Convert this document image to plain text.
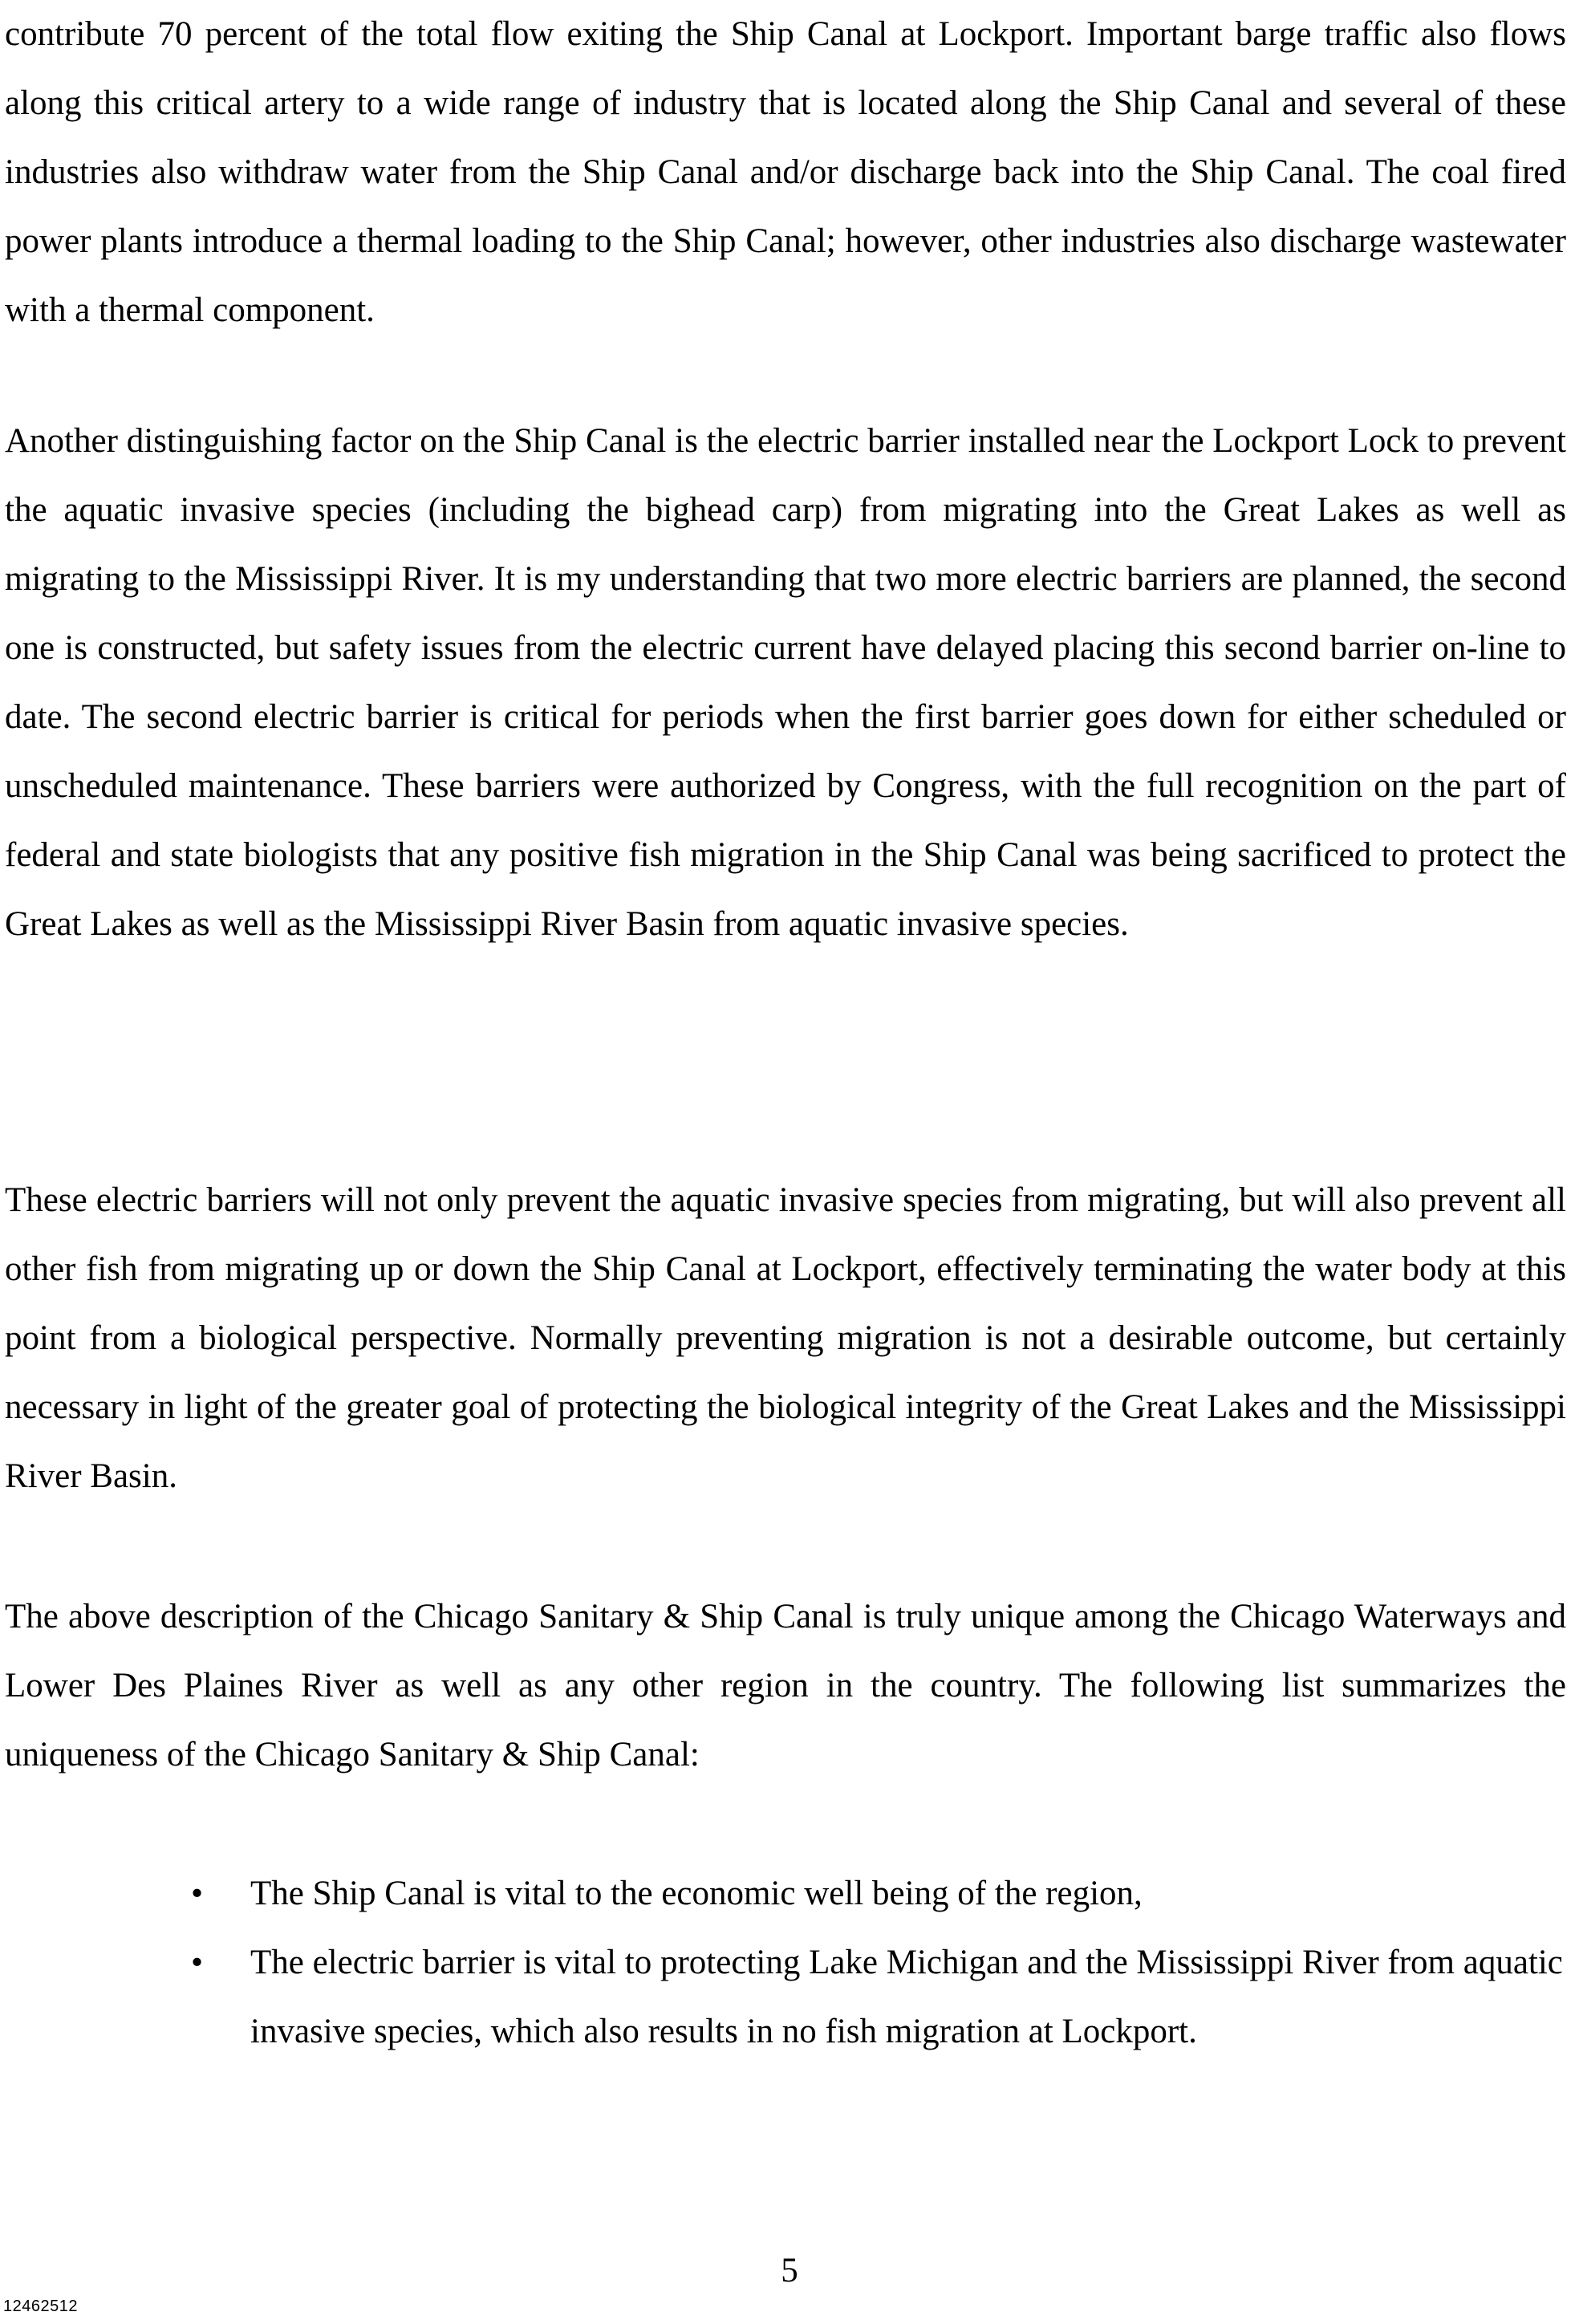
contribute 70 percent of the total flow exiting the Ship Canal at Lockport. Important barge traffic also flows along this critical artery to a wide range of industry that is located along the Ship Canal and several of these industries also withdraw water from the Ship Canal and/or discharge back into the Ship Canal. The coal fired power plants introduce a thermal loading to the Ship Canal; however, other industries also discharge wastewater with a thermal component.

Another distinguishing factor on the Ship Canal is the electric barrier installed near the Lockport Lock to prevent the aquatic invasive species (including the bighead carp) from migrating into the Great Lakes as well as migrating to the Mississippi River. It is my understanding that two more electric barriers are planned, the second one is constructed, but safety issues from the electric current have delayed placing this second barrier on-line to date. The second electric barrier is critical for periods when the first barrier goes down for either scheduled or unscheduled maintenance. These barriers were authorized by Congress, with the full recognition on the part of federal and state biologists that any positive fish migration in the Ship Canal was being sacrificed to protect the Great Lakes as well as the Mississippi River Basin from aquatic invasive species.

These electric barriers will not only prevent the aquatic invasive species from migrating, but will also prevent all other fish from migrating up or down the Ship Canal at Lockport, effectively terminating the water body at this point from a biological perspective. Normally preventing migration is not a desirable outcome, but certainly necessary in light of the greater goal of protecting the biological integrity of the Great Lakes and the Mississippi River Basin.

The above description of the Chicago Sanitary & Ship Canal is truly unique among the Chicago Waterways and Lower Des Plaines River as well as any other region in the country. The following list summarizes the uniqueness of the Chicago Sanitary & Ship Canal:

• The Ship Canal is vital to the economic well being of the region,
• The electric barrier is vital to protecting Lake Michigan and the Mississippi River from aquatic invasive species, which also results in no fish migration at Lockport.
5
12462512
